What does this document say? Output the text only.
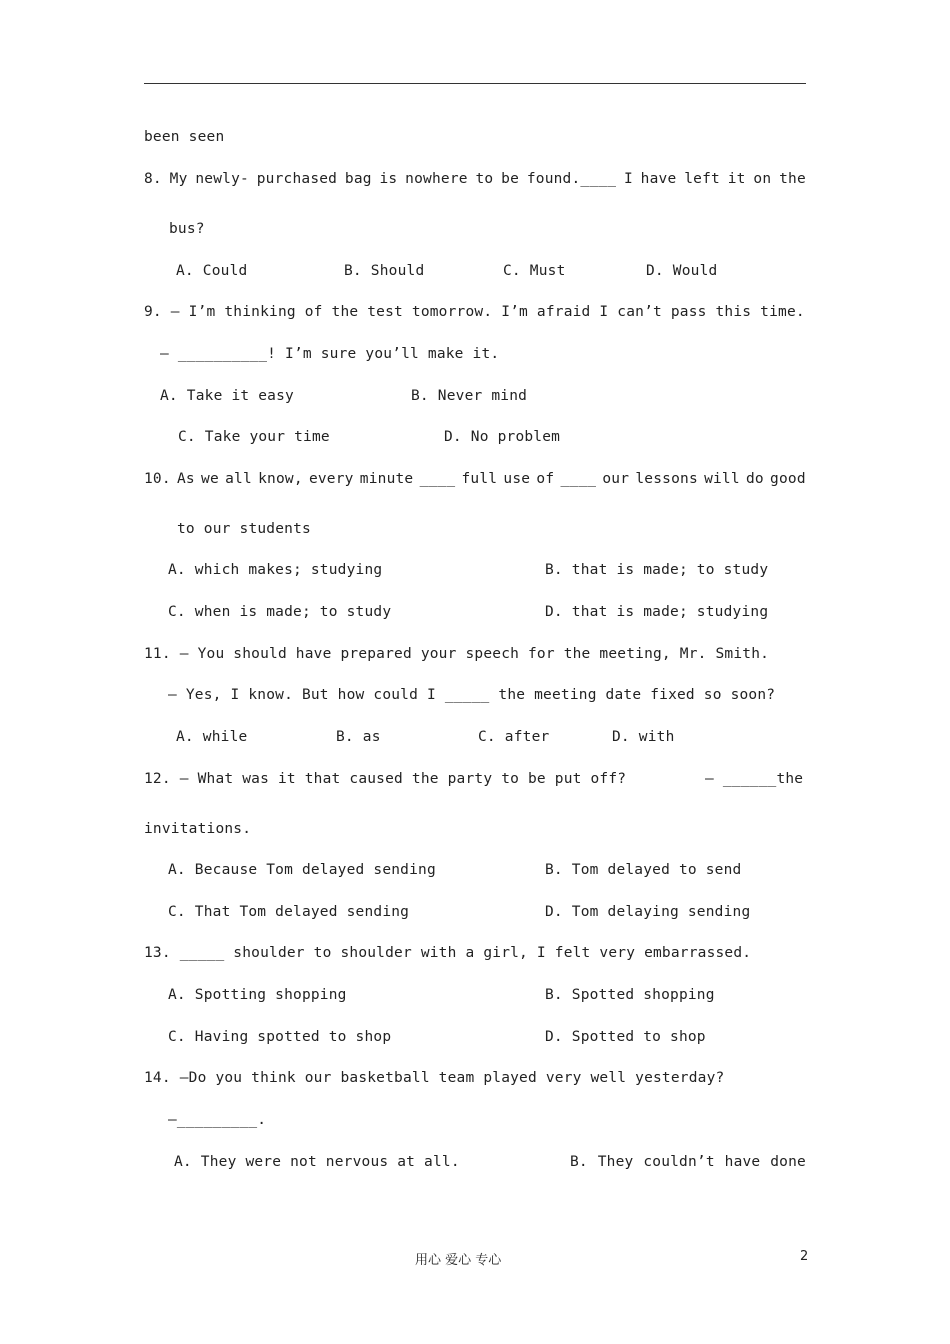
been seen
8. My newly- purchased bag is nowhere to be found.____ I have left it on the
bus?
A. Could	B. Should	C. Must	D. Would
9. — I’m thinking of the test tomorrow. I’m afraid I can’t pass this time.
— __________! I’m sure you’ll make it.
A. Take it easy	B. Never mind
C. Take your time	D. No problem
10. As we all know, every minute ____ full use of ____ our lessons will do good
to our students
A. which makes; studying	B. that is made; to study
C. when is made; to study	D. that is made; studying
11. — You should have prepared your speech for the meeting, Mr. Smith.
— Yes, I know. But how could I _____ the meeting date fixed so soon?
A. while	B. as	C. after	D. with
12. — What was it that caused the party to be put off?	— ______the
invitations.
A. Because Tom delayed sending	B. Tom delayed to send
C. That Tom delayed sending	D. Tom delaying sending
13. _____ shoulder to shoulder with a girl, I felt very embarrassed.
A. Spotting shopping	B. Spotted shopping
C. Having spotted to shop	D. Spotted to shop
14. —Do you think our basketball team played very well yesterday?
—_________.
A. They were not nervous at all.	B. They couldn’t have done
用心 爱心 专心	2
